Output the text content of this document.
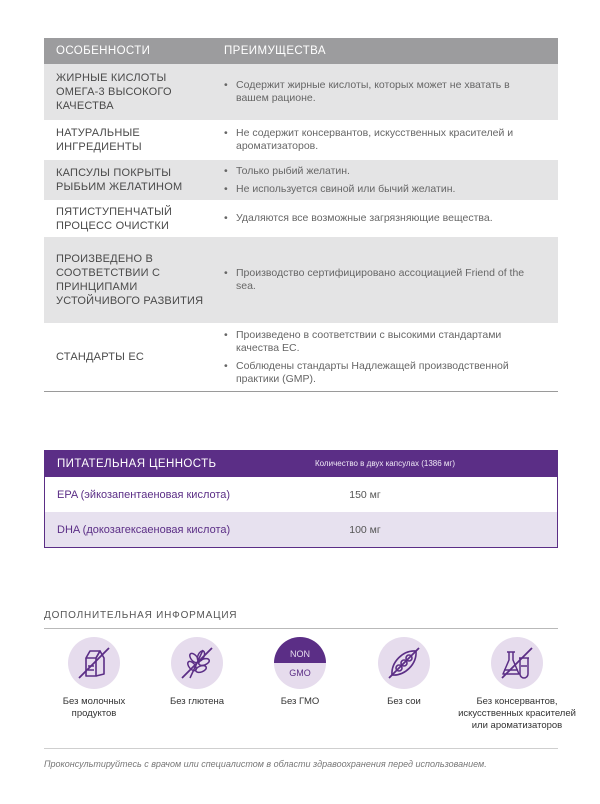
ОСОБЕННОСТИ	ПРЕИМУЩЕСТВА
ЖИРНЫЕ КИСЛОТЫ ОМЕГА-3 ВЫСОКОГО КАЧЕСТВА
• Содержит жирные кислоты, которых может не хватать в вашем рационе.
НАТУРАЛЬНЫЕ ИНГРЕДИЕНТЫ
• Не содержит консервантов, искусственных красителей и ароматизаторов.
КАПСУЛЫ ПОКРЫТЫ РЫБЬИМ ЖЕЛАТИНОМ
• Только рыбий желатин.
• Не используется свиной или бычий желатин.
ПЯТИСТУПЕНЧАТЫЙ ПРОЦЕСС ОЧИСТКИ
• Удаляются все возможные загрязняющие вещества.
ПРОИЗВЕДЕНО В СООТВЕТСТВИИ С ПРИНЦИПАМИ УСТОЙЧИВОГО РАЗВИТИЯ
• Производство сертифицировано ассоциацией Friend of the sea.
СТАНДАРТЫ ЕС
• Произведено в соответствии с высокими стандартами качества ЕС.
• Соблюдены стандарты Надлежащей производственной практики (GMP).
ПИТАТЕЛЬНАЯ ЦЕННОСТЬ	Количество в двух капсулах (1386 мг)
EPA (эйкозапентаеновая кислота)	150 мг
DHA (докозагексаеновая кислота)	100 мг
ДОПОЛНИТЕЛЬНАЯ ИНФОРМАЦИЯ
Без молочных продуктов
Без глютена
NON
GMO
Без ГМО	Без сои	Без консервантов, искусственных красителей или ароматизаторов
Проконсультируйтесь с врачом или специалистом в области здравоохранения перед использованием.
